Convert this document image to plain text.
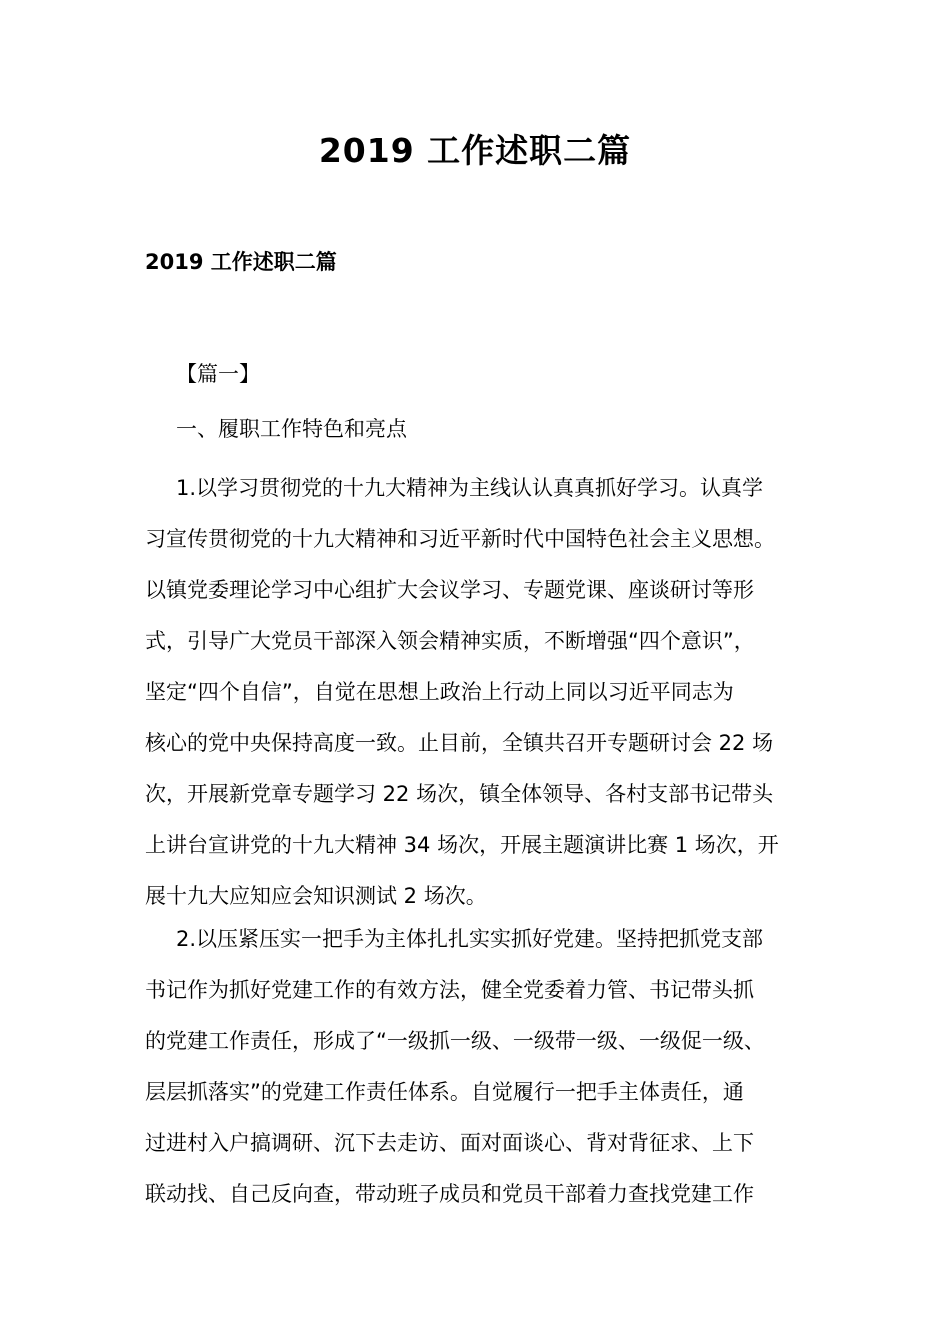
2019 工作述职二篇
2019 工作述职二篇
【篇一】
一、履职工作特色和亮点
1.以学习贯彻党的十九大精神为主线认认真真抓好学习。认真学
习宣传贯彻党的十九大精神和习近平新时代中国特色社会主义思想。
以镇党委理论学习中心组扩大会议学习、专题党课、座谈研讨等形
式，引导广大党员干部深入领会精神实质，不断增强“四个意识”，
坚定“四个自信”，自觉在思想上政治上行动上同以习近平同志为
核心的党中央保持高度一致。止目前，全镇共召开专题研讨会 22 场
次，开展新党章专题学习 22 场次，镇全体领导、各村支部书记带头
上讲台宣讲党的十九大精神 34 场次，开展主题演讲比赛 1 场次，开
展十九大应知应会知识测试 2 场次。
2.以压紧压实一把手为主体扎扎实实抓好党建。坚持把抓党支部
书记作为抓好党建工作的有效方法，健全党委着力管、书记带头抓
的党建工作责任，形成了“一级抓一级、一级带一级、一级促一级、
层层抓落实”的党建工作责任体系。自觉履行一把手主体责任，通
过进村入户搞调研、沉下去走访、面对面谈心、背对背征求、上下
联动找、自己反向查，带动班子成员和党员干部着力查找党建工作
